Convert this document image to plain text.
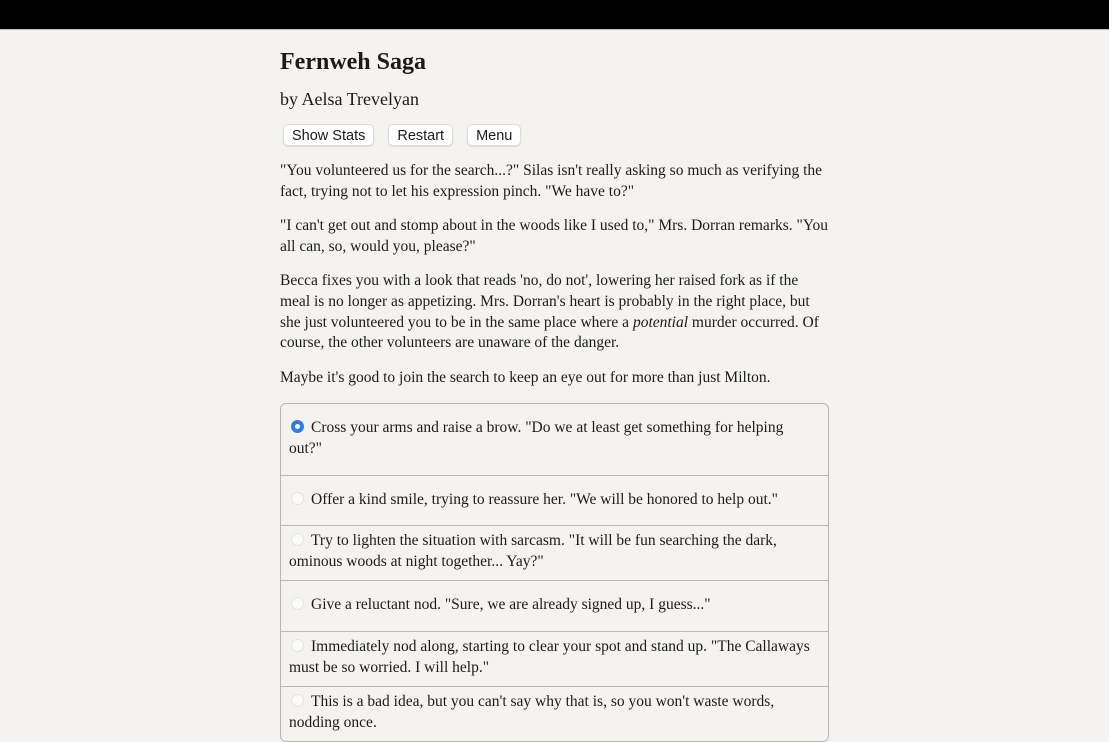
Fernweh Saga
by Aelsa Trevelyan
Show Stats	Restart	Menu

"You volunteered us for the search...?" Silas isn't really asking so much as verifying the fact, trying not to let his expression pinch. "We have to?"

"I can't get out and stomp about in the woods like I used to," Mrs. Dorran remarks. "You all can, so, would you, please?"

Becca fixes you with a look that reads 'no, do not', lowering her raised fork as if the meal is no longer as appetizing. Mrs. Dorran's heart is probably in the right place, but she just volunteered you to be in the same place where a potential murder occurred. Of course, the other volunteers are unaware of the danger.

Maybe it's good to join the search to keep an eye out for more than just Milton.

Cross your arms and raise a brow. "Do we at least get something for helping out?"
Offer a kind smile, trying to reassure her. "We will be honored to help out."
Try to lighten the situation with sarcasm. "It will be fun searching the dark, ominous woods at night together... Yay?"
Give a reluctant nod. "Sure, we are already signed up, I guess..."
Immediately nod along, starting to clear your spot and stand up. "The Callaways must be so worried. I will help."
This is a bad idea, but you can't say why that is, so you won't waste words, nodding once.
